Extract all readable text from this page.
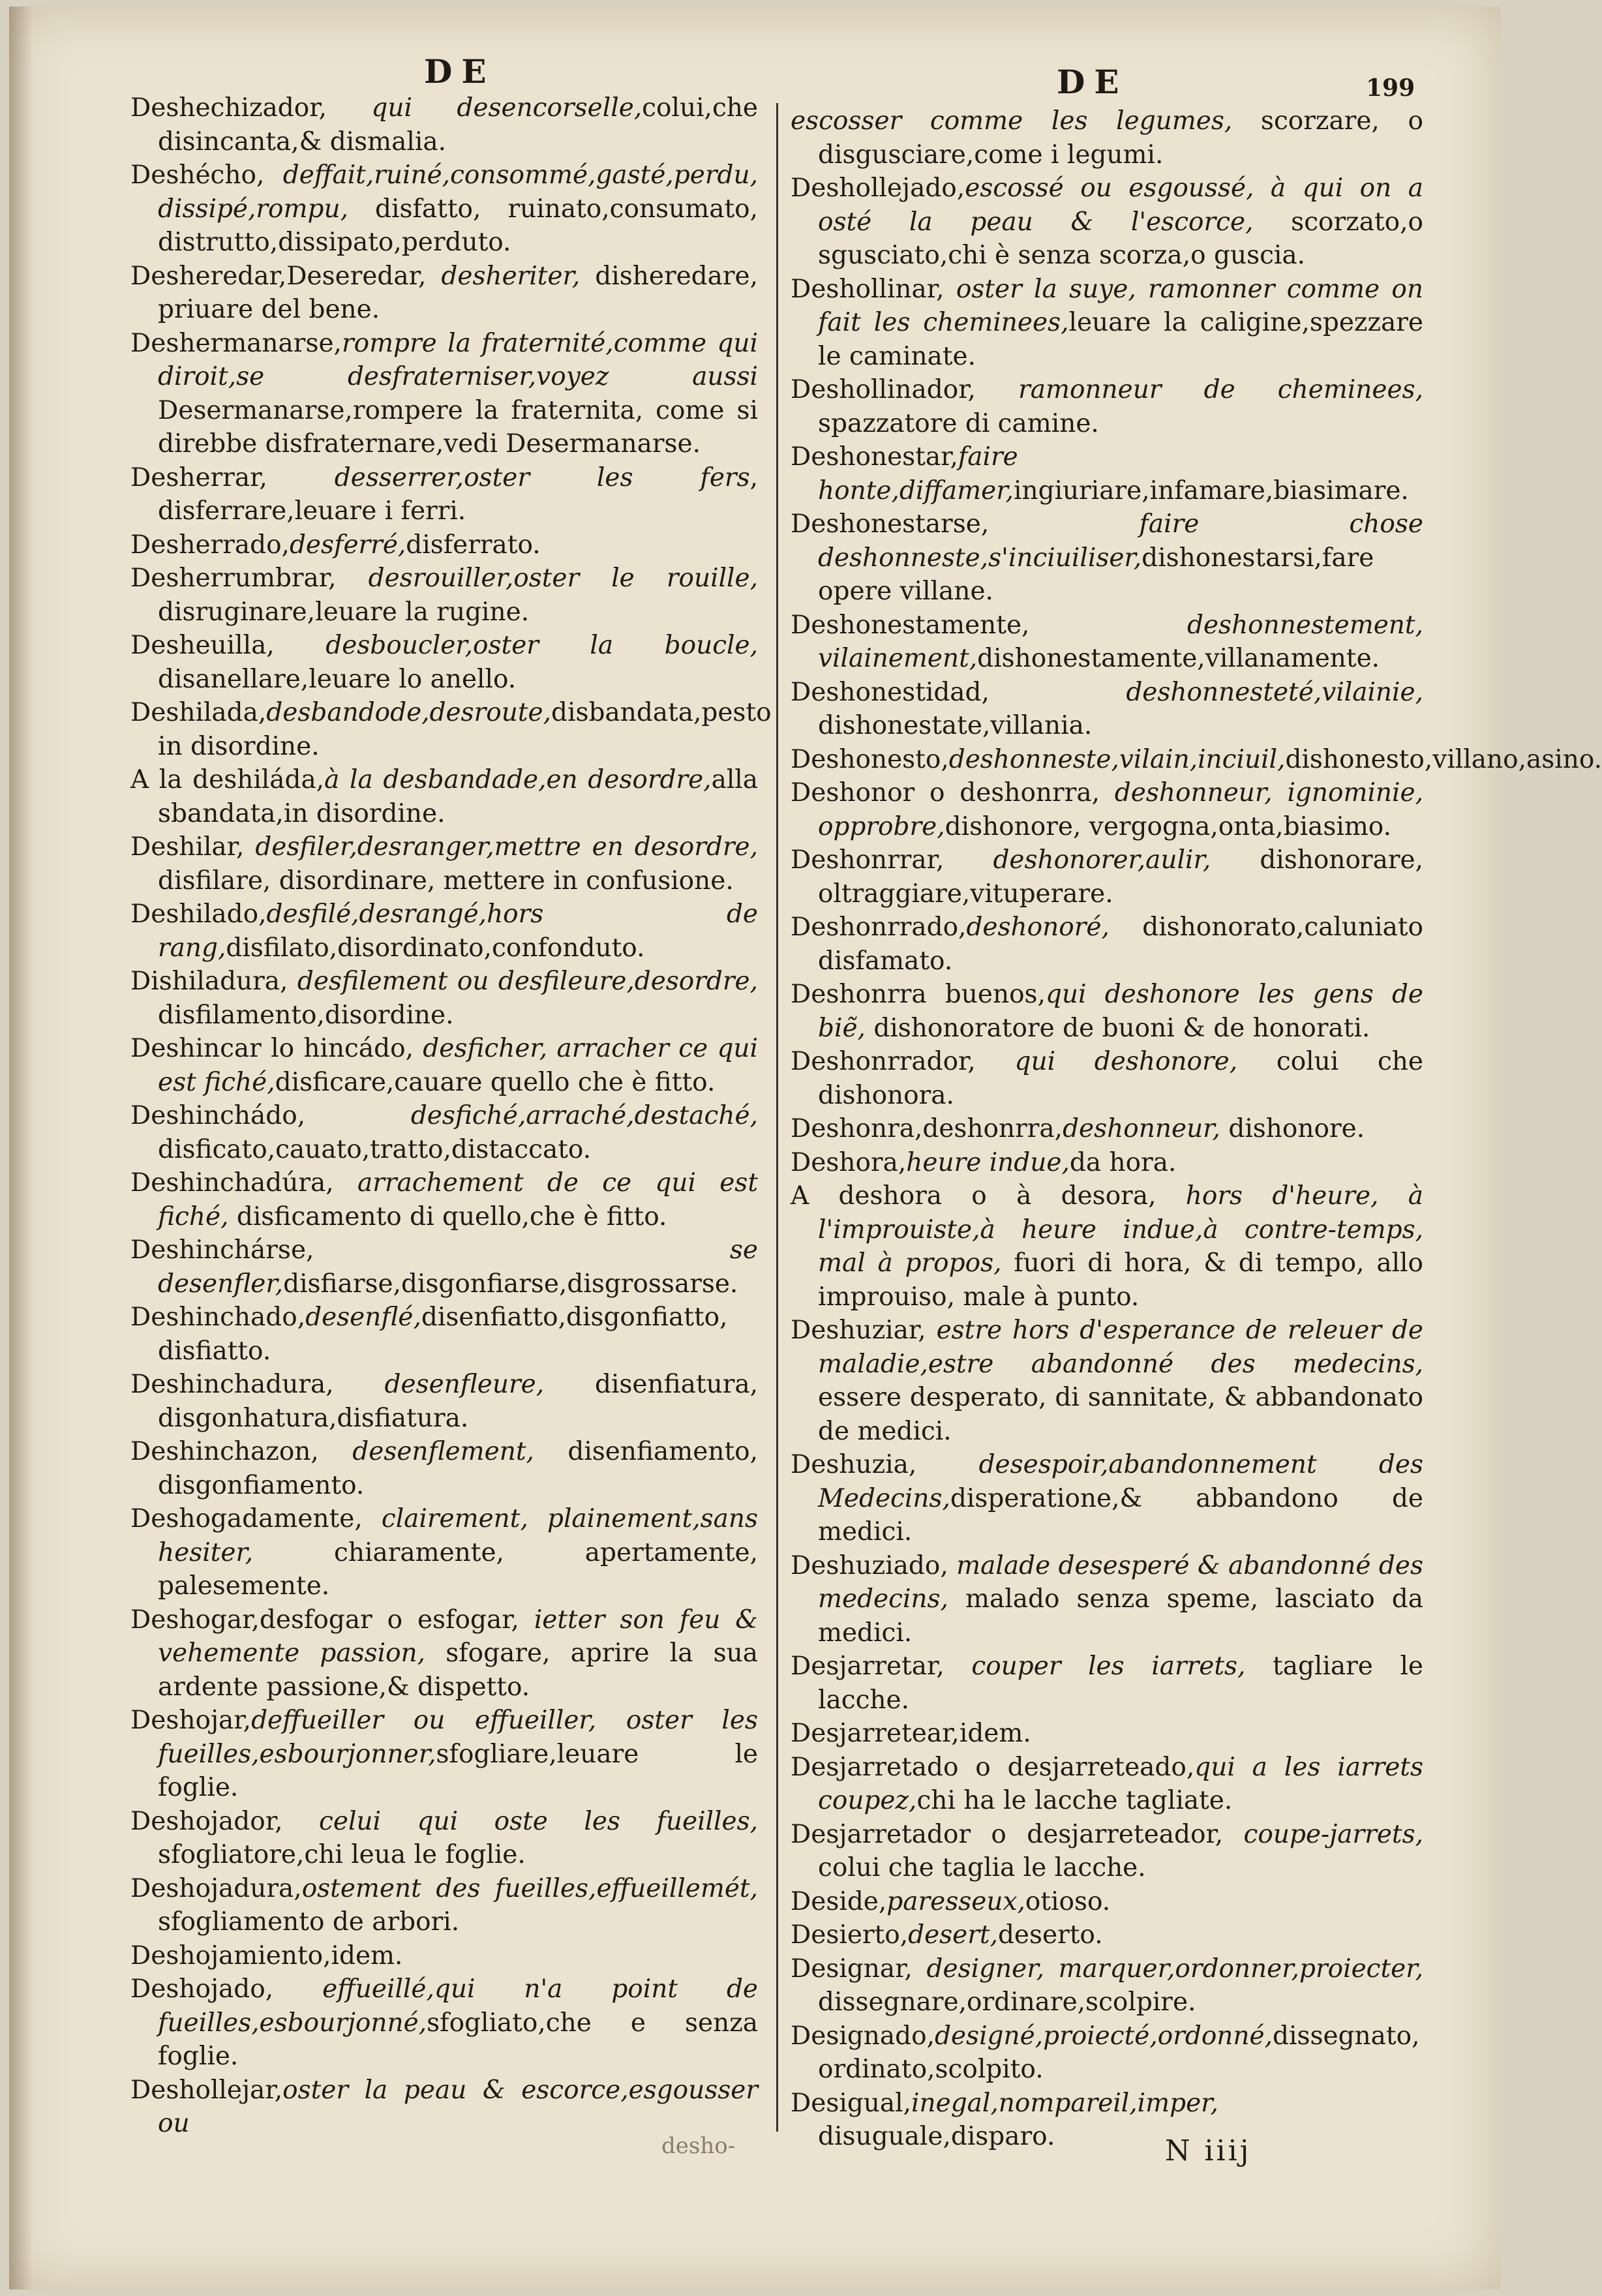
DE	DE	199

Deshechizador, qui desencorselle,colui,che disincanta,& dismalia.

Deshécho, deffait,ruiné,consommé,gasté,perdu, dissipé,rompu, disfatto, ruinato,consumato, distrutto,dissipato,perduto.

Desheredar,Deseredar, desheriter, disheredare, priuare del bene.

Deshermanarse,rompre la fraternité,comme qui diroit,se desfraterniser,voyez aussi Desermanarse,rompere la fraternita, come si direbbe disfraternare,vedi Desermanarse.

Desherrar, desserrer,oster les fers, disferrare,leuare i ferri.

Desherrado,desferré,disferrato.

Desherrumbrar, desrouiller,oster le rouille, disruginare,leuare la rugine.

Desheuilla, desboucler,oster la boucle, disanellare,leuare lo anello.

Deshilada,desbandode,desroute,disbandata,pesto in disordine.

A la deshiláda,à la desbandade,en desordre,alla sbandata,in disordine.

Deshilar, desfiler,desranger,mettre en desordre, disfilare, disordinare, mettere in confusione.

Deshilado,desfilé,desrangé,hors de rang,disfilato,disordinato,confonduto.

Dishiladura, desfilement ou desfileure,desordre, disfilamento,disordine.

Deshincar lo hincádo, desficher, arracher ce qui est fiché,disficare,cauare quello che è fitto.

Deshinchádo, desfiché,arraché,destaché, disficato,cauato,tratto,distaccato.

Deshinchadúra, arrachement de ce qui est fiché, disficamento di quello,che è fitto.

Deshinchárse, se desenfler,disfiarse,disgonfiarse,disgrossarse.

Deshinchado,desenflé,disenfiatto,disgonfiatto, disfiatto.

Deshinchadura, desenfleure, disenfiatura, disgonhatura,disfiatura.

Deshinchazon, desenflement, disenfiamento, disgonfiamento.

Deshogadamente, clairement, plainement,sans hesiter, chiaramente, apertamente, palesemente.

Deshogar,desfogar o esfogar, ietter son feu & vehemente passion, sfogare, aprire la sua ardente passione,& dispetto.

Deshojar,deffueiller ou effueiller, oster les fueilles,esbourjonner,sfogliare,leuare le foglie.

Deshojador, celui qui oste les fueilles, sfogliatore,chi leua le foglie.

Deshojadura,ostement des fueilles,effueillemét, sfogliamento de arbori.

Deshojamiento,idem.

Deshojado, effueillé,qui n'a point de fueilles,esbourjonné,sfogliato,che e senza foglie.

Deshollejar,oster la peau & escorce,esgousser ou

escosser comme les legumes, scorzare, o disgusciare,come i legumi.

Deshollejado,escossé ou esgoussé, à qui on a osté la peau & l'escorce, scorzato,o sgusciato,chi è senza scorza,o guscia.

Deshollinar, oster la suye, ramonner comme on fait les cheminees,leuare la caligine,spezzare le caminate.

Deshollinador, ramonneur de cheminees, spazzatore di camine.

Deshonestar,faire honte,diffamer,ingiuriare,infamare,biasimare.

Deshonestarse, faire chose deshonneste,s'inciuiliser,dishonestarsi,fare opere villane.

Deshonestamente, deshonnestement, vilainement,dishonestamente,villanamente.

Deshonestidad, deshonnesteté,vilainie, dishonestate,villania.

Deshonesto,deshonneste,vilain,inciuil,dishonesto,villano,asino.

Deshonor o deshonrra, deshonneur, ignominie, opprobre,dishonore, vergogna,onta,biasimo.

Deshonrrar, deshonorer,aulir, dishonorare, oltraggiare,vituperare.

Deshonrrado,deshonoré, dishonorato,caluniato disfamato.

Deshonrra buenos,qui deshonore les gens de biẽ, dishonoratore de buoni & de honorati.

Deshonrrador, qui deshonore, colui che dishonora.

Deshonra,deshonrra,deshonneur, dishonore.

Deshora,heure indue,da hora.

A deshora o à desora, hors d'heure, à l'improuiste,à heure indue,à contre-temps, mal à propos, fuori di hora, & di tempo, allo improuiso, male à punto.

Deshuziar, estre hors d'esperance de releuer de maladie,estre abandonné des medecins, essere desperato, di sannitate, & abbandonato de medici.

Deshuzia, desespoir,abandonnement des Medecins,disperatione,& abbandono de medici.

Deshuziado, malade desesperé & abandonné des medecins, malado senza speme, lasciato da medici.

Desjarretar, couper les iarrets, tagliare le lacche.

Desjarretear,idem.

Desjarretado o desjarreteado,qui a les iarrets coupez,chi ha le lacche tagliate.

Desjarretador o desjarreteador, coupe-jarrets, colui che taglia le lacche.

Deside,paresseux,otioso.

Desierto,desert,deserto.

Designar, designer, marquer,ordonner,proiecter, dissegnare,ordinare,scolpire.

Designado,designé,proiecté,ordonné,dissegnato, ordinato,scolpito.

Desigual,inegal,nompareil,imper, disuguale,disparo.

desho-	N iiij
